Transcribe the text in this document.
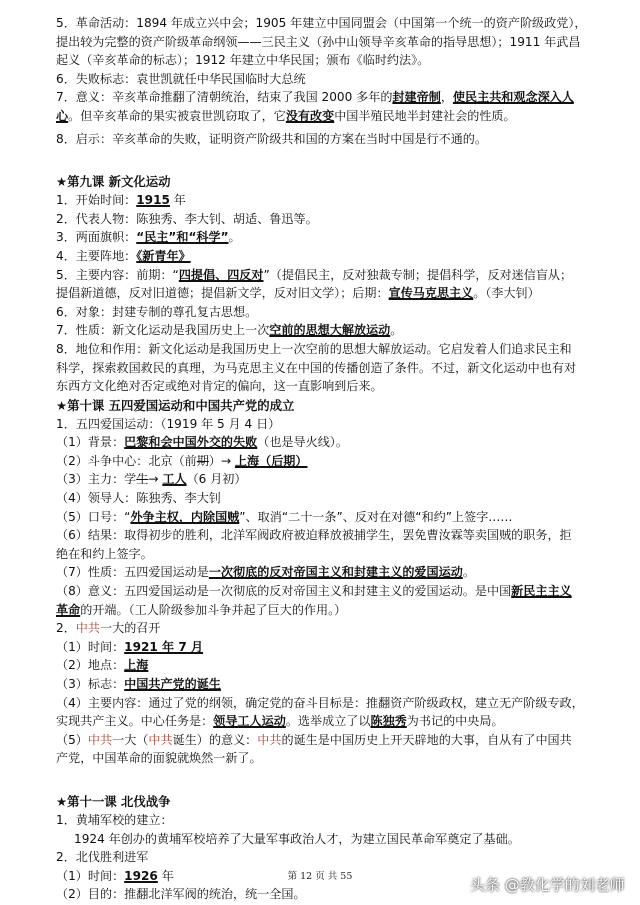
5．革命活动：1894 年成立兴中会；1905 年建立中国同盟会（中国第一个统一的资产阶级政党），
提出较为完整的资产阶级革命纲领——三民主义（孙中山领导辛亥革命的指导思想）；1911 年武昌
起义（辛亥革命的标志）；1912 年建立中华民国；颁布《临时约法》。

6．失败标志：袁世凯就任中华民国临时大总统

7．意义：辛亥革命推翻了清朝统治，结束了我国 2000 多年的封建帝制，使民主共和观念深入人
心。但辛亥革命的果实被袁世凯窃取了，它没有改变中国半殖民地半封建社会的性质。

8．启示：辛亥革命的失败，证明资产阶级共和国的方案在当时中国是行不通的。

★第九课 新文化运动

1．开始时间：1915 年

2．代表人物：陈独秀、李大钊、胡适、鲁迅等。

3．两面旗帜：“民主”和“科学”。

4．主要阵地：《新青年》

5．主要内容：前期：“四提倡、四反对”（提倡民主，反对独裁专制；提倡科学，反对迷信盲从；
提倡新道德，反对旧道德；提倡新文学，反对旧文学）；后期：宣传马克思主义。（李大钊）

6．对象：封建专制的尊孔复古思想。

7．性质：新文化运动是我国历史上一次空前的思想大解放运动。

8．地位和作用：新文化运动是我国历史上一次空前的思想大解放运动。它启发着人们追求民主和
科学，探索救国救民的真理，为马克思主义在中国的传播创造了条件。不过，新文化运动中也有对
东西方文化绝对否定或绝对肯定的偏向，这一直影响到后来。

★第十课 五四爱国运动和中国共产党的成立

1．五四爱国运动：（1919 年 5 月 4 日）

（1）背景：巴黎和会中国外交的失败（也是导火线）。

（2）斗争中心：北京（前期）→ 上海（后期）

（3）主力：学生→ 工人（6 月初）

（4）领导人：陈独秀、李大钊

（5）口号：“外争主权，内除国贼”、取消“二十一条”、反对在对德“和约”上签字……

（6）结果：取得初步的胜利，北洋军阀政府被迫释放被捕学生，罢免曹汝霖等卖国贼的职务，拒
绝在和约上签字。

（7）性质：五四爱国运动是一次彻底的反对帝国主义和封建主义的爱国运动。

（8）意义：五四爱国运动是一次彻底的反对帝国主义和封建主义的爱国运动。是中国新民主主义
革命的开端。（工人阶级参加斗争并起了巨大的作用。）

2．中共一大的召开

（1）时间：1921 年 7 月

（2）地点：上海

（3）标志：中国共产党的诞生

（4）主要内容：通过了党的纲领，确定党的奋斗目标是：推翻资产阶级政权，建立无产阶级专政，
实现共产主义。中心任务是：领导工人运动。选举成立了以陈独秀为书记的中央局。

（5）中共一大（中共诞生）的意义：中共的诞生是中国历史上开天辟地的大事，自从有了中国共
产党，中国革命的面貌就焕然一新了。

★第十一课 北伐战争

1．黄埔军校的建立：

1924 年创办的黄埔军校培养了大量军事政治人才，为建立国民革命军奠定了基础。

2．北伐胜利进军

（1）时间：1926 年

（2）目的：推翻北洋军阀的统治，统一全国。

第 12 页 共 55	头条 @教化学的刘老师
